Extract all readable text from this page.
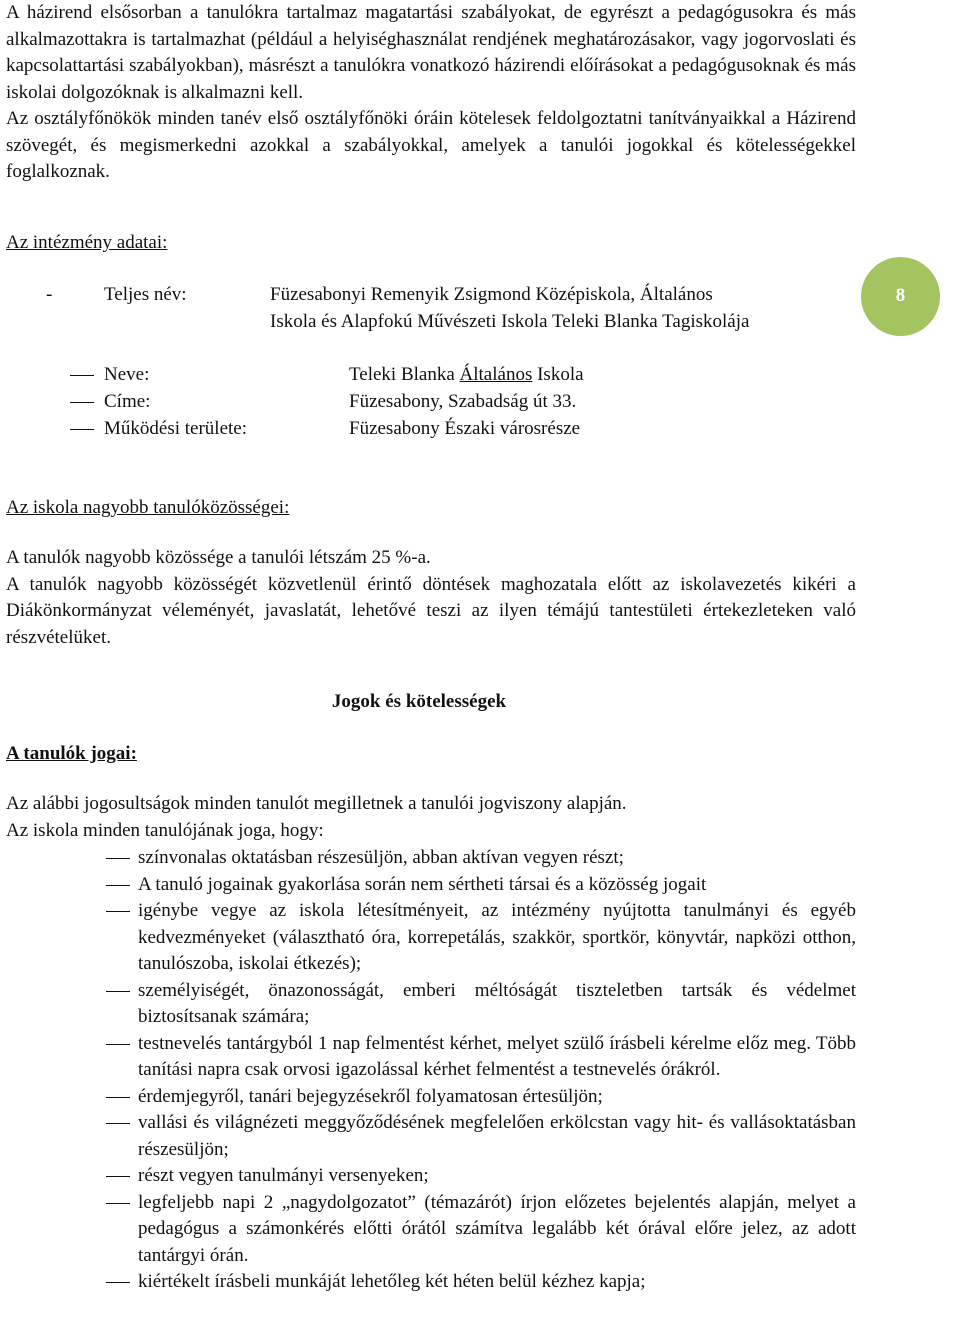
A házirend elsősorban a tanulókra tartalmaz magatartási szabályokat, de egyrészt a pedagógusokra és más alkalmazottakra is tartalmazhat (például a helyiséghasználat rendjének meghatározásakor, vagy jogorvoslati és kapcsolattartási szabályokban), másrészt a tanulókra vonatkozó házirendi előírásokat a pedagógusoknak és más iskolai dolgozóknak is alkalmazni kell.

Az osztályfőnökök minden tanév első osztályfőnöki óráin kötelesek feldolgoztatni tanítványaikkal a Házirend szövegét, és megismerkedni azokkal a szabályokkal, amelyek a tanulói jogokkal és kötelességekkel foglalkoznak.

Az intézmény adatai:

-	Teljes név:	Füzesabonyi Remenyik Zsigmond Középiskola, Általános
Iskola és Alapfokú Művészeti Iskola Teleki Blanka Tagiskolája
Neve:	Teleki Blanka Általános Iskola
Címe:	Füzesabony, Szabadság út 33.
Működési területe:	Füzesabony Északi városrésze

Az iskola nagyobb tanulóközösségei:

A tanulók nagyobb közössége a tanulói létszám 25 %-a.

A tanulók nagyobb közösségét közvetlenül érintő döntések maghozatala előtt az iskolavezetés kikéri a Diákönkormányzat véleményét, javaslatát, lehetővé teszi az ilyen témájú tantestületi értekezleteken való részvételüket.

Jogok és kötelességek

A tanulók jogai:

Az alábbi jogosultságok minden tanulót megilletnek a tanulói jogviszony alapján.

Az iskola minden tanulójának joga, hogy:

színvonalas oktatásban részesüljön, abban aktívan vegyen részt;
A tanuló jogainak gyakorlása során nem sértheti társai és a közösség jogait
igénybe vegye az iskola létesítményeit, az intézmény nyújtotta tanulmányi és egyéb kedvezményeket (választható óra, korrepetálás, szakkör, sportkör, könyvtár, napközi otthon, tanulószoba, iskolai étkezés);
személyiségét, önazonosságát, emberi méltóságát tiszteletben tartsák és védelmet biztosítsanak számára;
testnevelés tantárgyból 1 nap felmentést kérhet, melyet szülő írásbeli kérelme előz meg. Több tanítási napra csak orvosi igazolással kérhet felmentést a testnevelés órákról.
érdemjegyről, tanári bejegyzésekről folyamatosan értesüljön;
vallási és világnézeti meggyőződésének megfelelően erkölcstan vagy hit- és vallásoktatásban részesüljön;
részt vegyen tanulmányi versenyeken;
legfeljebb napi 2 „nagydolgozatot” (témazárót) írjon előzetes bejelentés alapján, melyet a pedagógus a számonkérés előtti órától számítva legalább két órával előre jelez, az adott tantárgyi órán.
kiértékelt írásbeli munkáját lehetőleg két héten belül kézhez kapja;
8
